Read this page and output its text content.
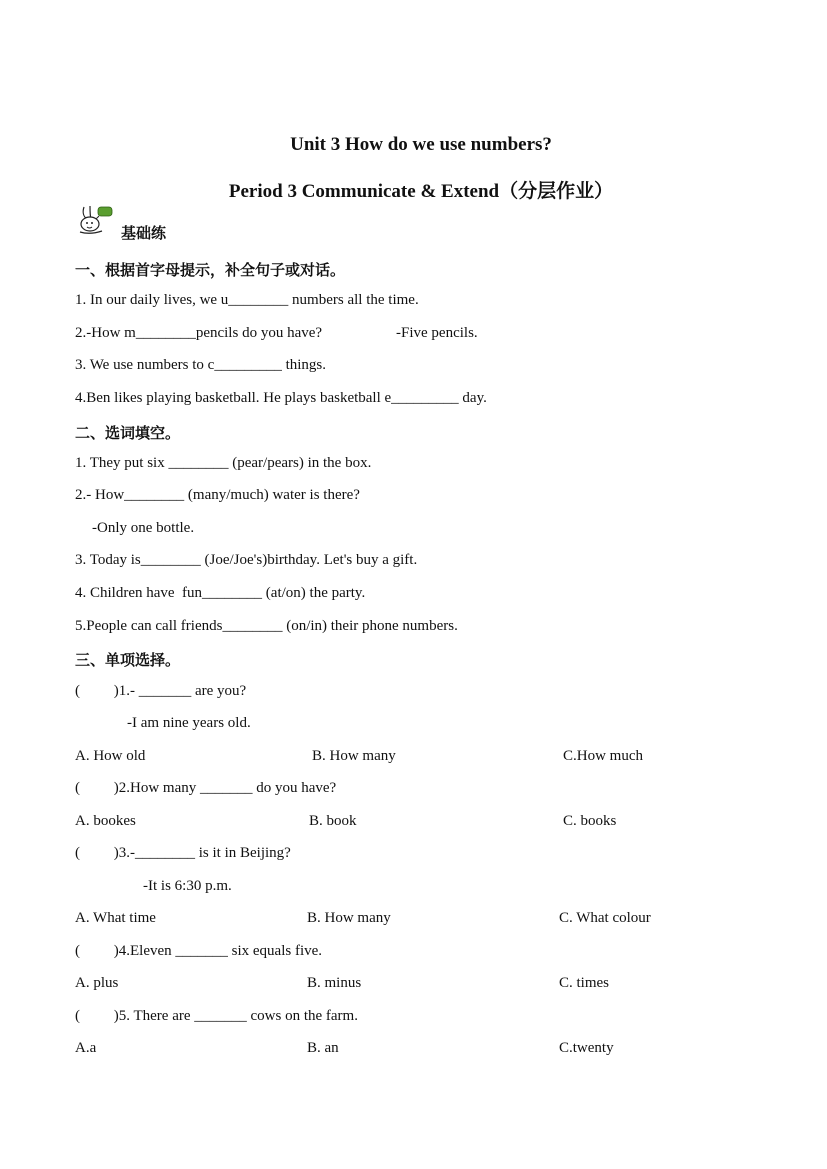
Unit 3 How do we use numbers?

Period 3 Communicate & Extend（分层作业）

基础练
一、根据首字母提示，补全句子或对话。
1. In our daily lives, we u________ numbers all the time.
2.-How m________pencils do you have?	-Five pencils.
3. We use numbers to c_________ things.
4.Ben likes playing basketball. He plays basketball e_________ day.
二、选词填空。
1. They put six ________ (pear/pears) in the box.
2.- How________ (many/much) water is there?
-Only one bottle.
3. Today is________ (Joe/Joe's)birthday. Let's buy a gift.
4. Children have  fun________ (at/on) the party.
5.People can call friends________ (on/in) their phone numbers.
三、单项选择。
(         )1.- _______ are you?
-I am nine years old.
A. How old	B. How many	C.How much
(         )2.How many _______ do you have?
A. bookes	B. book	C. books
(         )3.-________ is it in Beijing?
-It is 6:30 p.m.
A. What time	B. How many	C. What colour
(         )4.Eleven _______ six equals five.
A. plus	B. minus	C. times
(         )5. There are _______ cows on the farm.
A.a	B. an	C.twenty
